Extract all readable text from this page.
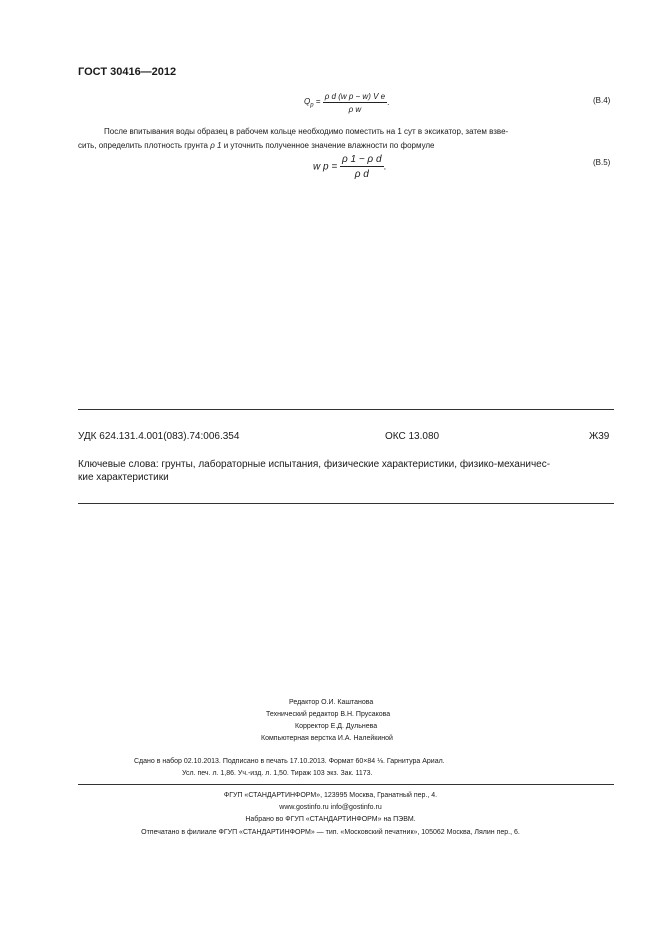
ГОСТ 30416—2012
$Q_p = \frac{\text{ρ d (w p − w) V e}}{\text{ρ w}}$ .	(В.4)
После впитывания воды образец в рабочем кольце необходимо поместить на 1 сут в эксикатор, затем взве-
сить, определить плотность грунта ρ 1 и уточнить полученное значение влажности по формуле
w $p = \frac{\text{ρ 1 − ρ d}}{\text{ρ d}}$ .	(В.5)
УДК 624.131.4.001(083).74:006.354	ОКС 13.080	Ж39
Ключевые слова: грунты, лабораторные испытания, физические характеристики, физико-механичес-
кие характеристики
Редактор О.И. Каштанова
Технический редактор В.Н. Прусакова
Корректор Е.Д. Дульнева
Компьютерная верстка И.А. Налейкиной
Сдано в набор 02.10.2013. Подписано в печать 17.10.2013. Формат 60×84 ⅛. Гарнитура Ариал.
Усл. печ. л. 1,86. Уч.-изд. л. 1,50. Тираж 103 экз. Зак. 1173.
ФГУП «СТАНДАРТИНФОРМ», 123995 Москва, Гранатный пер., 4.
www.gostinfo.ru info@gostinfo.ru
Набрано во ФГУП «СТАНДАРТИНФОРМ» на ПЭВМ.
Отпечатано в филиале ФГУП «СТАНДАРТИНФОРМ» — тип. «Московский печатник», 105062 Москва, Лялин пер., 6.
